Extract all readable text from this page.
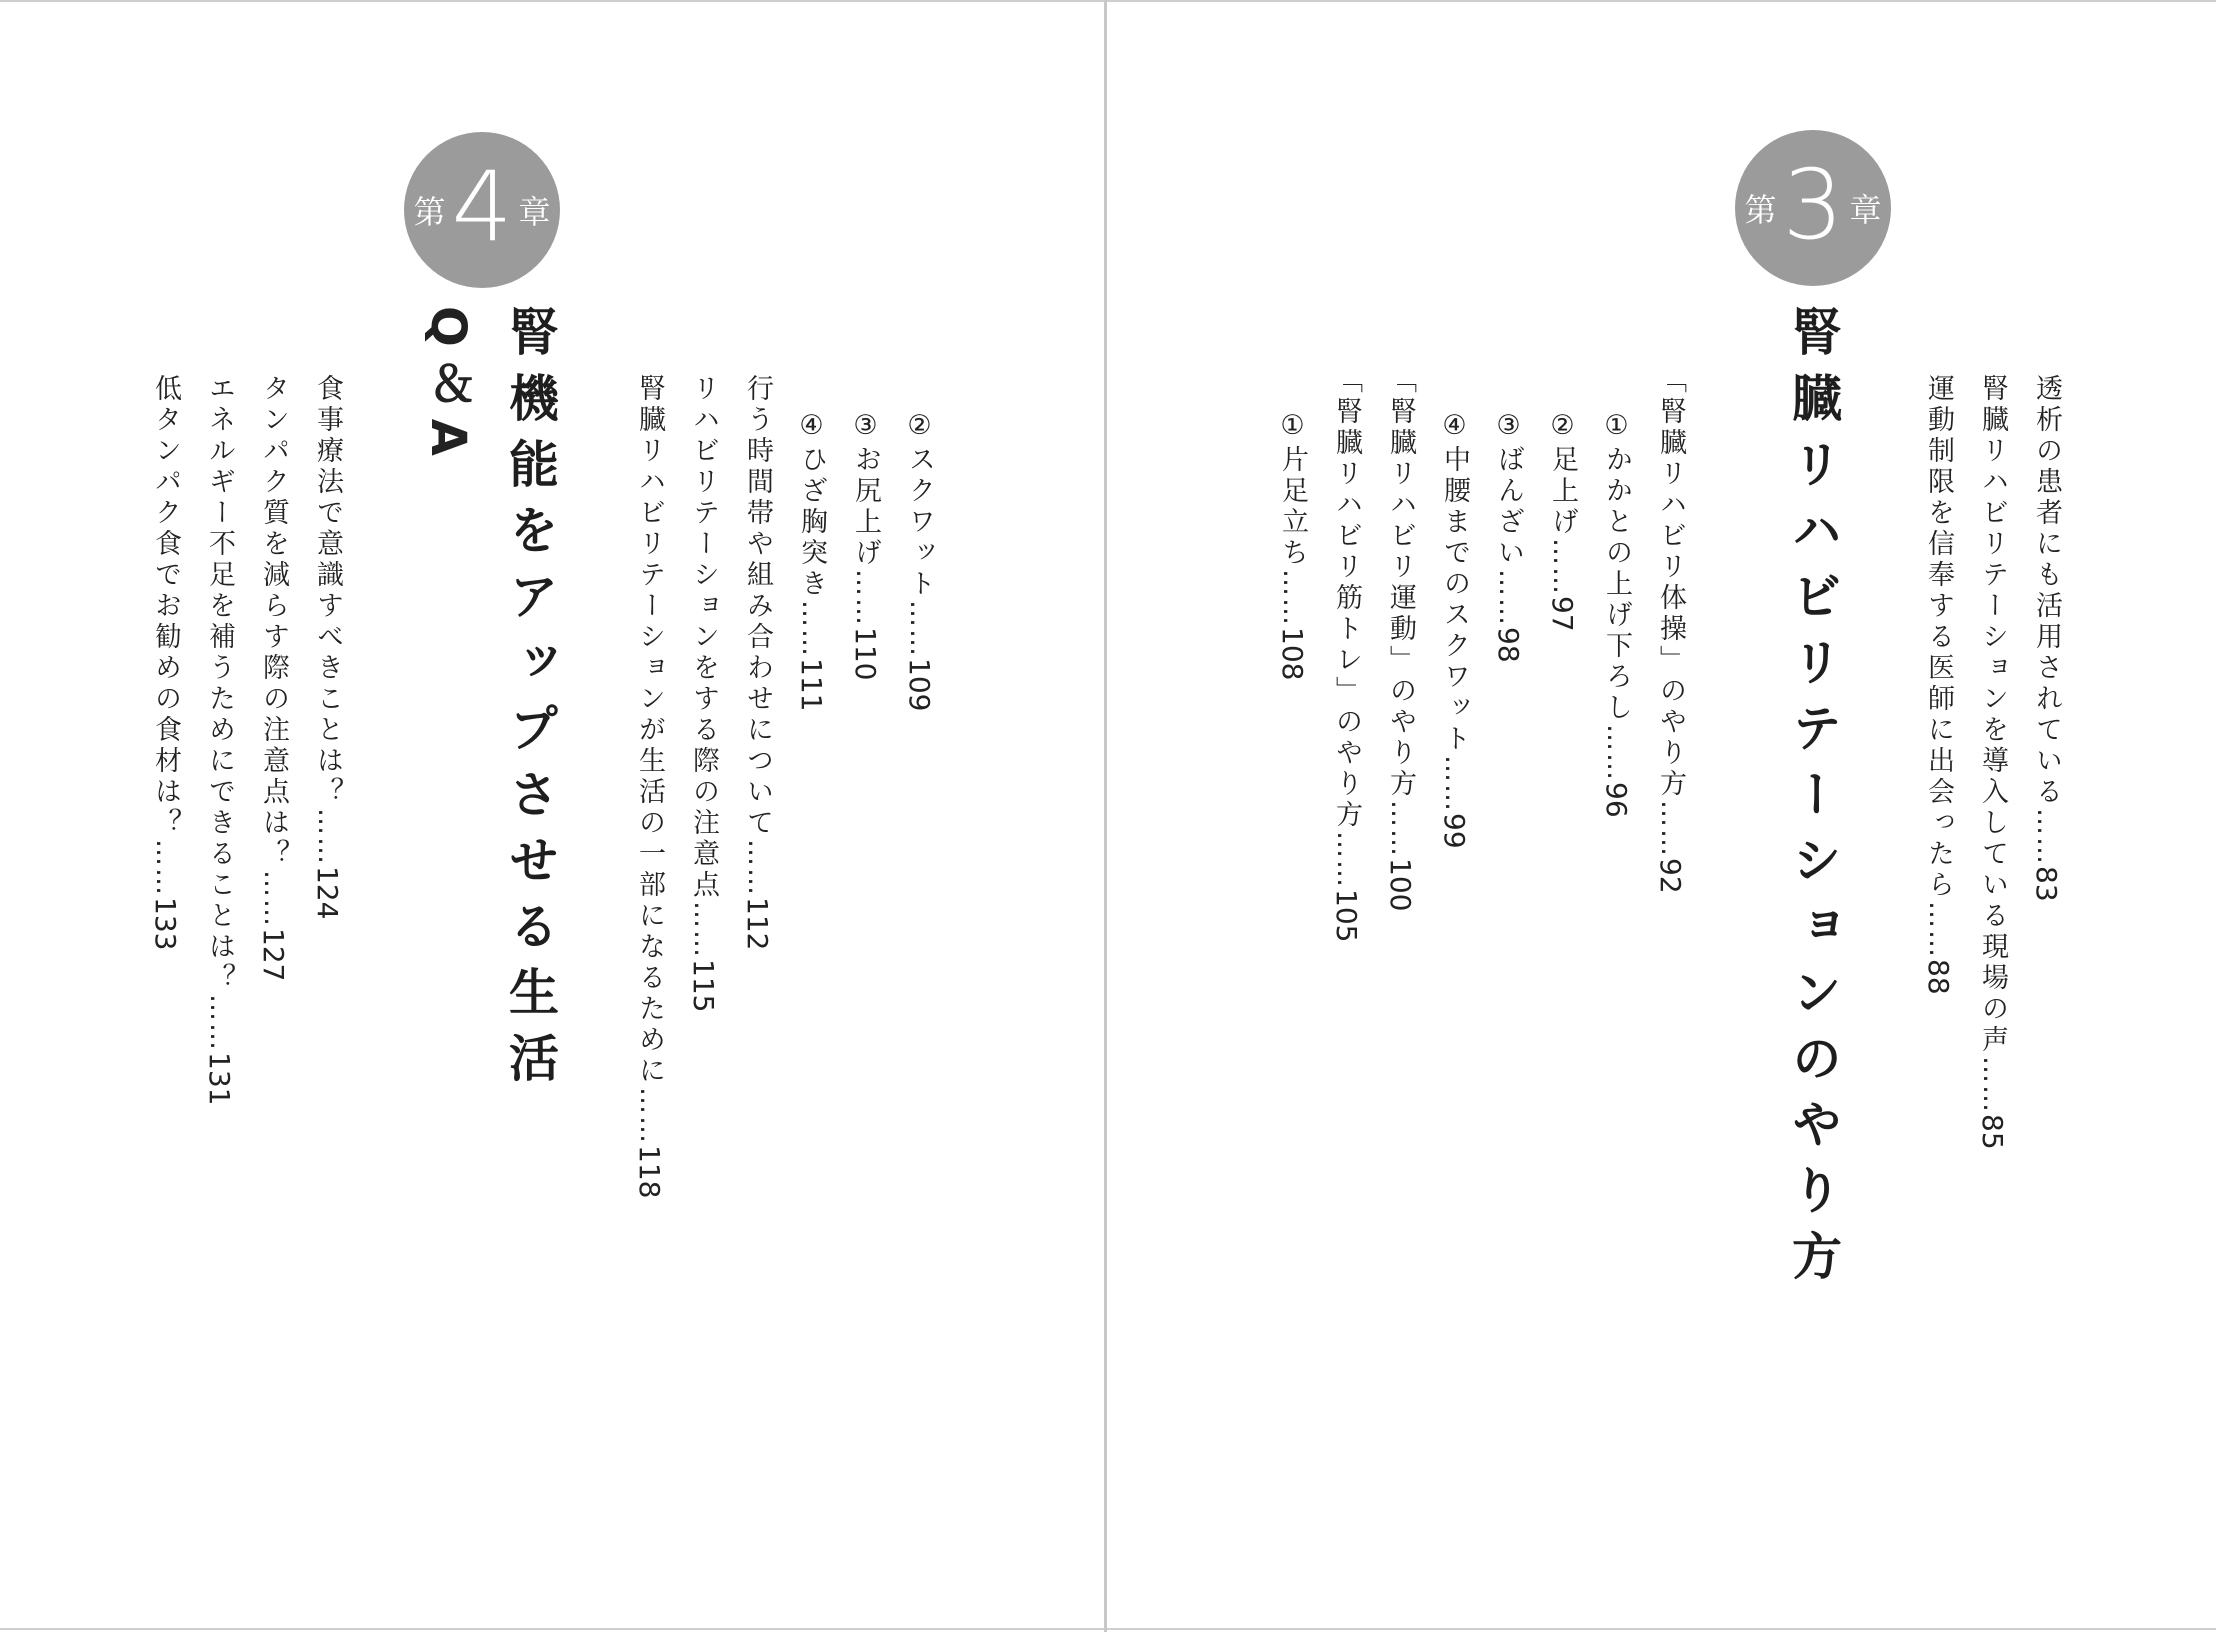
第 4 章
腎機能をアップさせる生活
Q＆A
②スクワット……109
③お尻上げ……110
④ひざ胸突き……111
行う時間帯や組み合わせについて……112
リハビリテーションをする際の注意点……115
腎臓リハビリテーションが生活の一部になるために……118
食事療法で意識すべきことは？……124
タンパク質を減らす際の注意点は？……127
エネルギー不足を補うためにできることは？……131
低タンパク食でお勧めの食材は？……133
第 3 章
腎臓リハビリテーションのやり方	透析の患者にも活用されている……83
腎臓リハビリテーションを導入している現場の声……85
運動制限を信奉する医師に出会ったら……88
「腎臓リハビリ体操」のやり方……92
①かかとの上げ下ろし……96
②足上げ……97
③ばんざい……98
④中腰までのスクワット……99
「腎臓リハビリ運動」のやり方……100
「腎臓リハビリ筋トレ」のやり方……105
①片足立ち……108
